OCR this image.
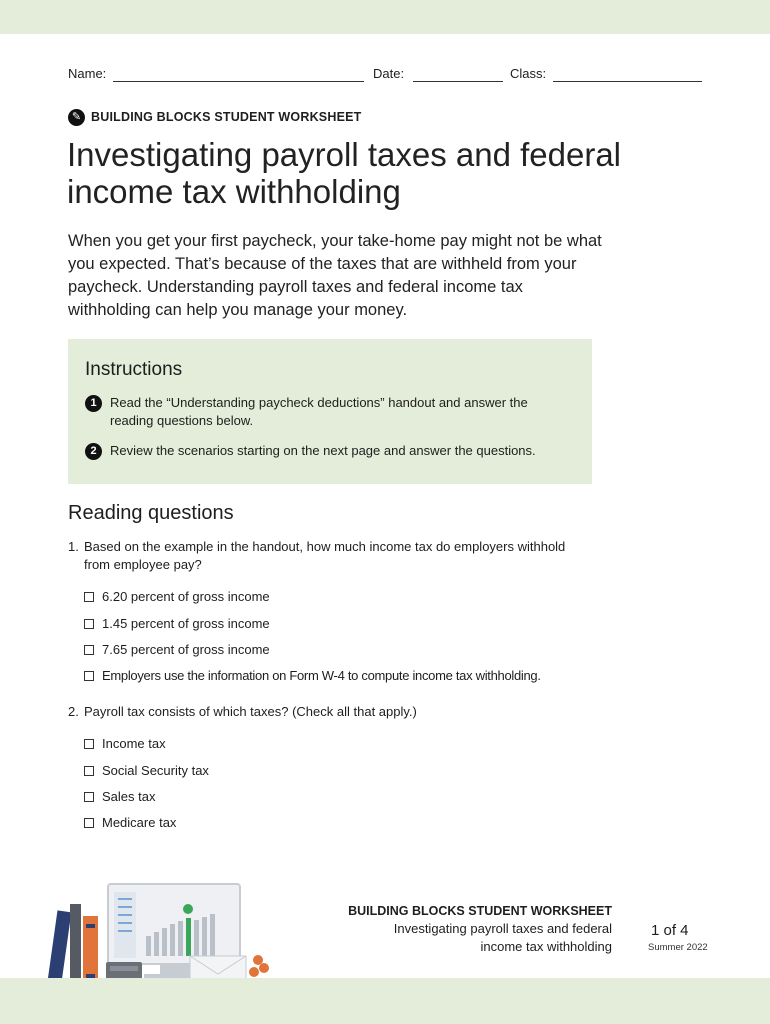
Name:	Date:	Class:
✎ BUILDING BLOCKS STUDENT WORKSHEET
Investigating payroll taxes and federal income tax withholding

When you get your first paycheck, your take-home pay might not be what you expected. That’s because of the taxes that are withheld from your paycheck. Understanding payroll taxes and federal income tax withholding can help you manage your money.

Instructions
1	Read the “Understanding paycheck deductions” handout and answer the reading questions below.
2	Review the scenarios starting on the next page and answer the questions.
Reading questions
1. Based on the example in the handout, how much income tax do employers withhold from employee pay?
6.20 percent of gross income
1.45 percent of gross income
7.65 percent of gross income
Employers use the information on Form W-4 to compute income tax withholding.
2. Payroll tax consists of which taxes? (Check all that apply.)
Income tax
Social Security tax
Sales tax
Medicare tax
BUILDING BLOCKS STUDENT WORKSHEET
Investigating payroll taxes and federal
income tax withholding
1 of 4
Summer 2022
